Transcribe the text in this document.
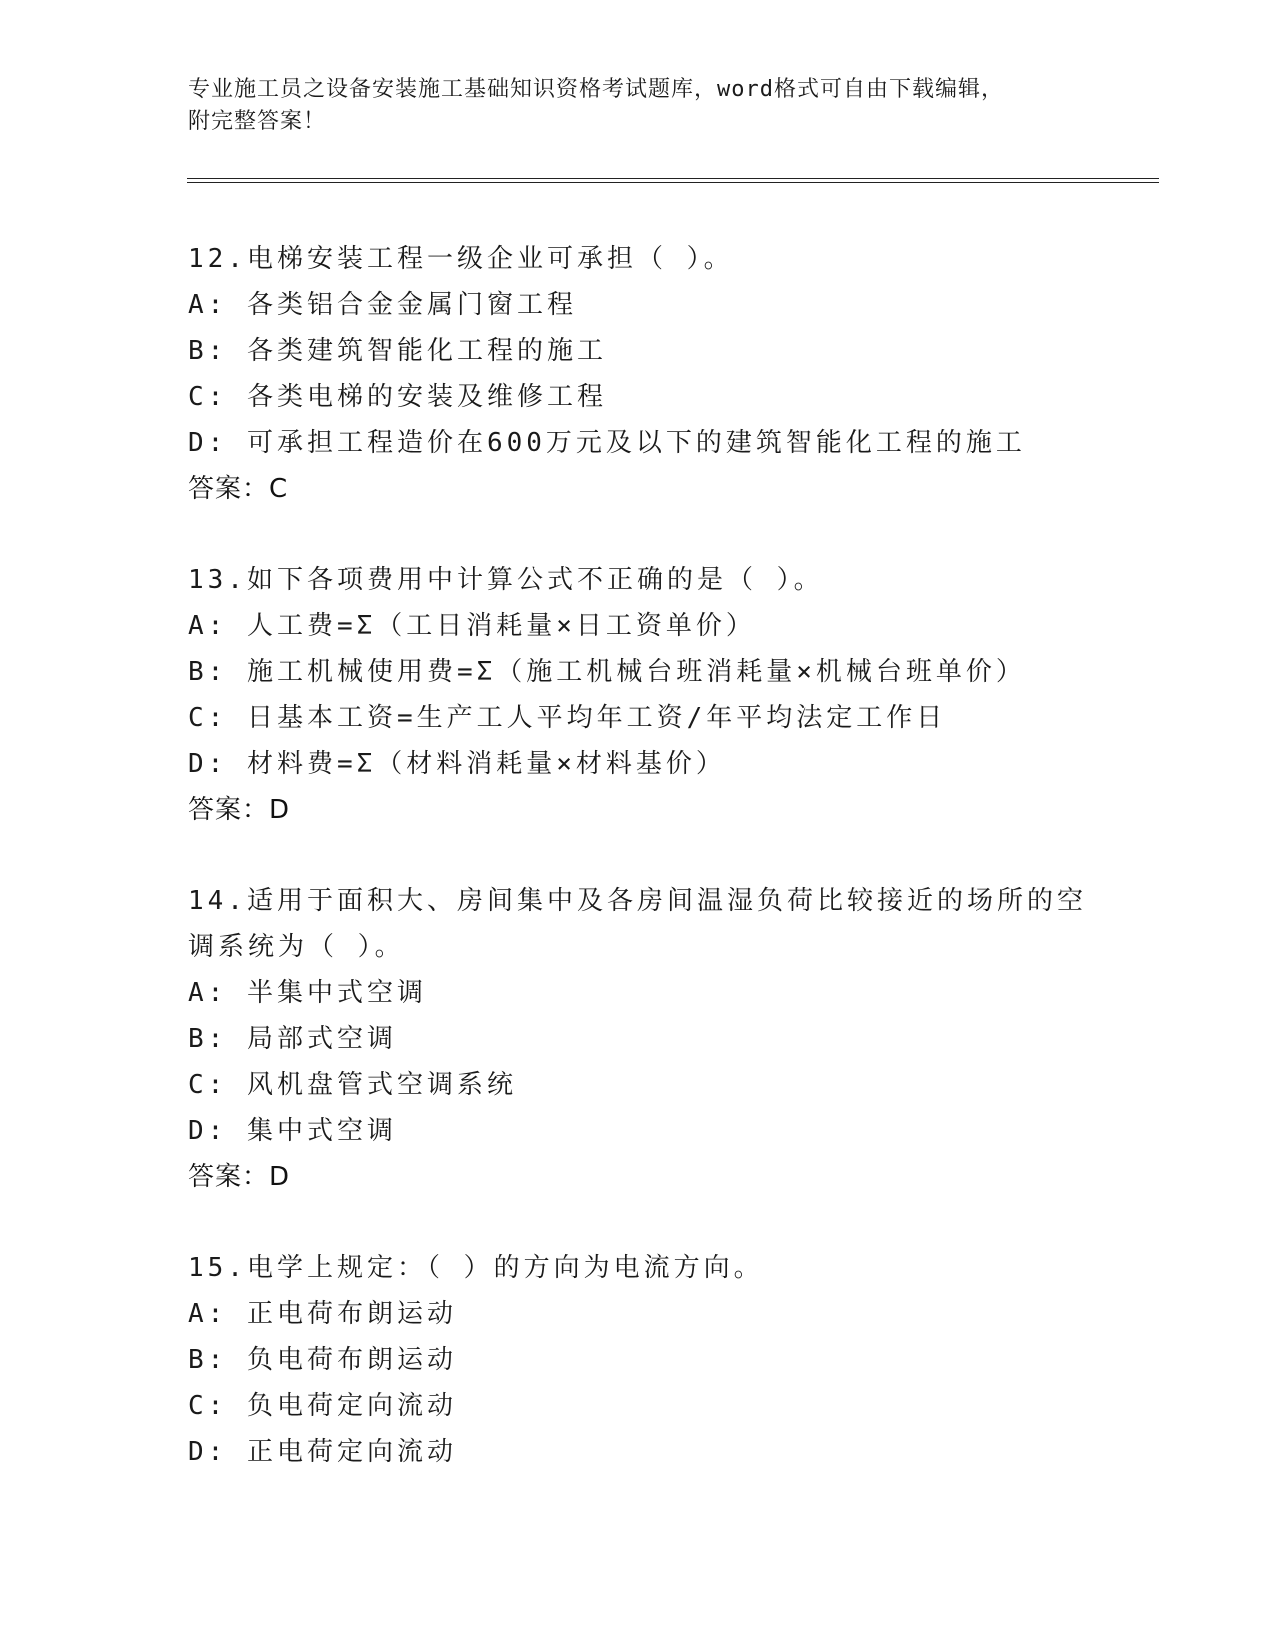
专业施工员之设备安装施工基础知识资格考试题库，word格式可自由下载编辑，
附完整答案！
12.电梯安装工程一级企业可承担（ ）。
A: 各类铝合金金属门窗工程
B: 各类建筑智能化工程的施工
C: 各类电梯的安装及维修工程
D: 可承担工程造价在600万元及以下的建筑智能化工程的施工
答案：C
13.如下各项费用中计算公式不正确的是（ ）。
A: 人工费=Σ（工日消耗量×日工资单价）
B: 施工机械使用费=Σ（施工机械台班消耗量×机械台班单价）
C: 日基本工资=生产工人平均年工资/年平均法定工作日
D: 材料费=Σ（材料消耗量×材料基价）
答案：D
14.适用于面积大、房间集中及各房间温湿负荷比较接近的场所的空调系统为（ ）。
A: 半集中式空调
B: 局部式空调
C: 风机盘管式空调系统
D: 集中式空调
答案：D
15.电学上规定：（ ）的方向为电流方向。
A: 正电荷布朗运动
B: 负电荷布朗运动
C: 负电荷定向流动
D: 正电荷定向流动
